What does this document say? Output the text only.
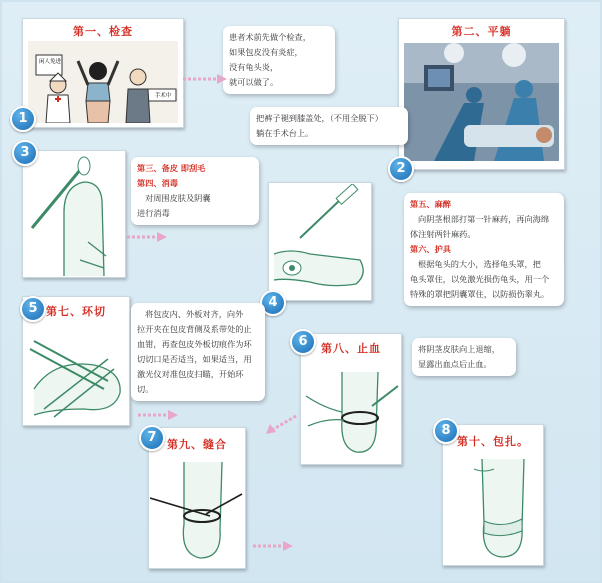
第一、检查
闲人免进
手术中
1

患者术前先做个检查，

如果包皮没有炎症，

没有龟头炎，

就可以做了。

第二、平躺
2

把裤子褪到膝盖处，（不用全脱下）

躺在手术台上。

3

第三、备皮 即刮毛

第四、消毒

对周围皮肤及阴囊

进行消毒

4

第五、麻醉

向阴茎根部打第一针麻药，再向海绵

体注射两针麻药。

第六、护具

根据龟头的大小，选择龟头罩，把

龟头罩住，以免激光损伤龟头，用一个

特殊的罩把阴囊罩住，以防损伤睾丸。

第七、环切
5	将包皮内、外板对齐，向外

拉开夹在包皮背侧及系带处的止

血钳，再查包皮外板切痕作为环

切切口是否适当，如果适当，用

激光仪对准包皮扫瞄，开始环切。

第八、止血
6	将阴茎皮肤向上退缩，

显露出血点后止血。

第九、缝合
7	第十、包扎。
8
